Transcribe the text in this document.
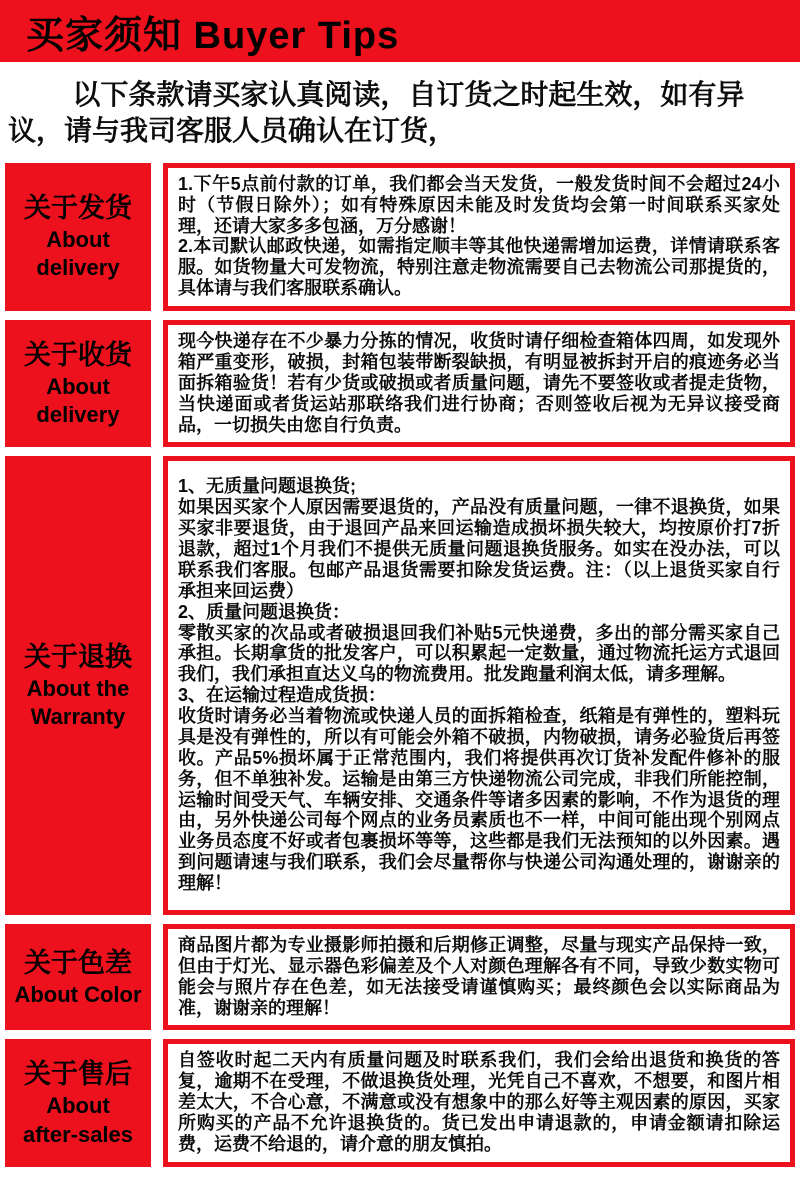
买家须知 Buyer Tips

以下条款请买家认真阅读，自订货之时起生效，如有异议，请与我司客服人员确认在订货，

关于发货
About delivery

1.下午5点前付款的订单，我们都会当天发货，一般发货时间不会超过24小时（节假日除外）；如有特殊原因未能及时发货均会第一时间联系买家处理，还请大家多多包涵，万分感谢！

2.本司默认邮政快递，如需指定顺丰等其他快递需增加运费，详情请联系客服。如货物量大可发物流，特别注意走物流需要自己去物流公司那提货的，具体请与我们客服联系确认。

关于收货
About delivery

现今快递存在不少暴力分拣的情况，收货时请仔细检查箱体四周，如发现外箱严重变形，破损，封箱包装带断裂缺损，有明显被拆封开启的痕迹务必当面拆箱验货！若有少货或破损或者质量问题，请先不要签收或者提走货物，当快递面或者货运站那联络我们进行协商；否则签收后视为无异议接受商品，一切损失由您自行负责。

关于退换
About the
Warranty

1、无质量问题退换货;

如果因买家个人原因需要退货的，产品没有质量问题，一律不退换货，如果买家非要退货，由于退回产品来回运输造成损坏损失较大，均按原价打7折退款，超过1个月我们不提供无质量问题退换货服务。如实在没办法，可以联系我们客服。包邮产品退货需要扣除发货运费。注：（以上退货买家自行承担来回运费）

2、质量问题退换货：

零散买家的次品或者破损退回我们补贴5元快递费，多出的部分需买家自己承担。长期拿货的批发客户，可以积累起一定数量，通过物流托运方式退回我们，我们承担直达义乌的物流费用。批发跑量利润太低，请多理解。

3、在运输过程造成货损：

收货时请务必当着物流或快递人员的面拆箱检查，纸箱是有弹性的，塑料玩具是没有弹性的，所以有可能会外箱不破损，内物破损，请务必验货后再签收。产品5%损坏属于正常范围内，我们将提供再次订货补发配件修补的服务，但不单独补发。运输是由第三方快递物流公司完成，非我们所能控制，运输时间受天气、车辆安排、交通条件等诸多因素的影响，不作为退货的理由，另外快递公司每个网点的业务员素质也不一样，中间可能出现个别网点业务员态度不好或者包裹损坏等等，这些都是我们无法预知的以外因素。遇到问题请速与我们联系，我们会尽量帮你与快递公司沟通处理的，谢谢亲的理解！

关于色差
About Color

商品图片都为专业摄影师拍摄和后期修正调整，尽量与现实产品保持一致，但由于灯光、显示器色彩偏差及个人对颜色理解各有不同，导致少数实物可能会与照片存在色差，如无法接受请谨慎购买；最终颜色会以实际商品为准，谢谢亲的理解！

关于售后
About
after-sales

自签收时起二天内有质量问题及时联系我们，我们会给出退货和换货的答复，逾期不在受理，不做退换货处理，光凭自己不喜欢，不想要，和图片相差太大，不合心意，不满意或没有想象中的那么好等主观因素的原因，买家所购买的产品不允许退换货的。货已发出申请退款的，申请金额请扣除运费，运费不给退的，请介意的朋友慎拍。
